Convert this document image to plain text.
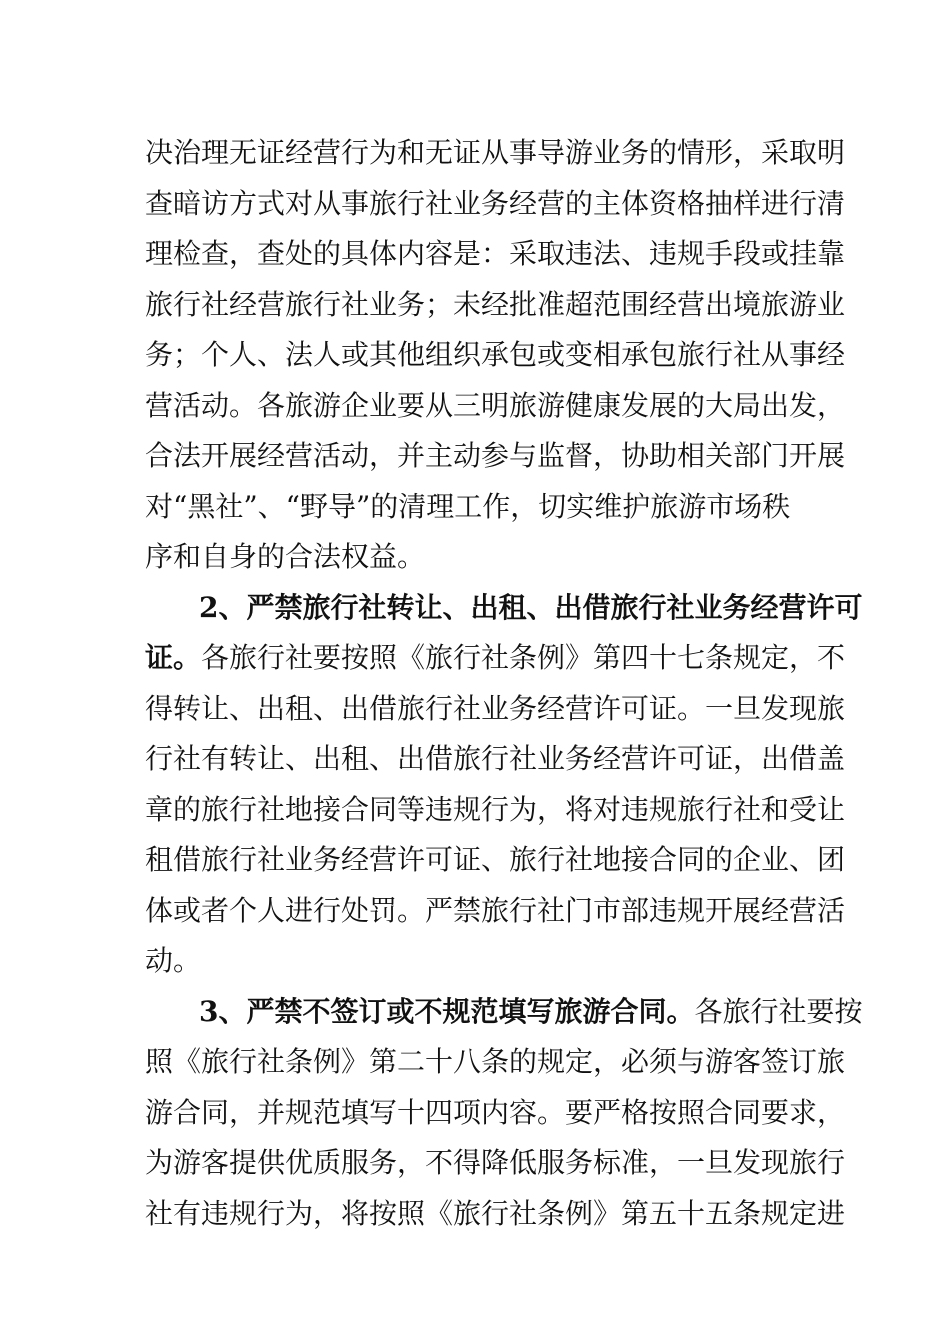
决治理无证经营行为和无证从事导游业务的情形，采取明
查暗访方式对从事旅行社业务经营的主体资格抽样进行清
理检查，查处的具体内容是：采取违法、违规手段或挂靠
旅行社经营旅行社业务；未经批准超范围经营出境旅游业
务；个人、法人或其他组织承包或变相承包旅行社从事经
营活动。各旅游企业要从三明旅游健康发展的大局出发，
合法开展经营活动，并主动参与监督，协助相关部门开展
对“黑社”、“野导”的清理工作，切实维护旅游市场秩
序和自身的合法权益。
2、严禁旅行社转让、出租、出借旅行社业务经营许可
证。各旅行社要按照《旅行社条例》第四十七条规定，不
得转让、出租、出借旅行社业务经营许可证。一旦发现旅
行社有转让、出租、出借旅行社业务经营许可证，出借盖
章的旅行社地接合同等违规行为，将对违规旅行社和受让
租借旅行社业务经营许可证、旅行社地接合同的企业、团
体或者个人进行处罚。严禁旅行社门市部违规开展经营活
动。
3、严禁不签订或不规范填写旅游合同。各旅行社要按
照《旅行社条例》第二十八条的规定，必须与游客签订旅
游合同，并规范填写十四项内容。要严格按照合同要求，
为游客提供优质服务，不得降低服务标准，一旦发现旅行
社有违规行为，将按照《旅行社条例》第五十五条规定进
